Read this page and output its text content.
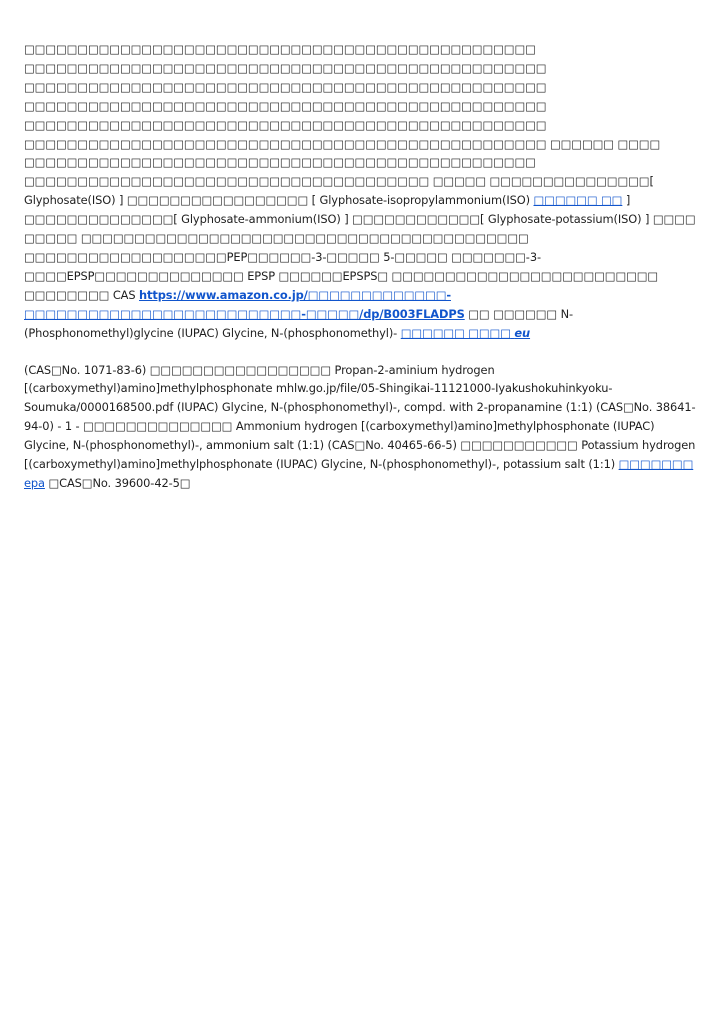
□□□□□□□□□□□□□□□□□□□□□□□□□□□□□□□□□□□□□□□□□□□□□□□□ □□□□□□□□□□□□□□□□□□□□□□□□□□□□□□□□□□□□□□□□□□□□□□□□□ □□□□□□□□□□□□□□□□□□□□□□□□□□□□□□□□□□□□□□□□□□□□□□□□□ □□□□□□□□□□□□□□□□□□□□□□□□□□□□□□□□□□□□□□□□□□□□□□□□□ □□□□□□□□□□□□□□□□□□□□□□□□□□□□□□□□□□□□□□□□□□□□□□□□□ □□□□□□□□□□□□□□□□□□□□□□□□□□□□□□□□□□□□□□□□□□□□□□□□□ □□□□□□ □□□□ □□□□□□□□□□□□□□□□□□□□□□□□□□□□□□□□□□□□□□□□□□□□□□□□ □□□□□□□□□□□□□□□□□□□□□□□□□□□□□□□□□□□□□□ □□□□□ □□□□□□□□□□□□□□□[ Glyphosate(ISO) ] □□□□□□□□□□□□□□□□□ [ Glyphosate-isopropylammonium(ISO) □□□□□□ □□ ] □□□□□□□□□□□□□□[ Glyphosate-ammonium(ISO) ] □□□□□□□□□□□□[ Glyphosate-potassium(ISO) ] □□□□ □□□□□ □□□□□□□□□□□□□□□□□□□□□□□□□□□□□□□□□□□□□□□□□□ □□□□□□□□□□□□□□□□□□□PEP□□□□□□-3-□□□□□ 5-□□□□□ □□□□□□□-3-□□□□EPSP□□□□□□□□□□□□□□ EPSP □□□□□□EPSPS□ □□□□□□□□□□□□□□□□□□□□□□□□□ □□□□□□□□ CAS https://www.amazon.co.jp/□□□□□□□□□□□□□-□□□□□□□□□□□□□□□□□□□□□□□□□□-□□□□□/dp/B003FLADPS □□ □□□□□□ N-(Phosphonomethyl)glycine (IUPAC) Glycine, N-(phosphonomethyl)- □□□□□□ □□□□ eu

(CAS□No. 1071-83-6) □□□□□□□□□□□□□□□□□ Propan-2-aminium hydrogen [(carboxymethyl)amino]methylphosphonate mhlw.go.jp/file/05-Shingikai-11121000-Iyakushokuhinkyoku-Soumuka/0000168500.pdf (IUPAC) Glycine, N-(phosphonomethyl)-, compd. with 2-propanamine (1:1) (CAS□No. 38641-94-0) - 1 - □□□□□□□□□□□□□□ Ammonium hydrogen [(carboxymethyl)amino]methylphosphonate (IUPAC) Glycine, N-(phosphonomethyl)-, ammonium salt (1:1) (CAS□No. 40465-66-5) □□□□□□□□□□□ Potassium hydrogen [(carboxymethyl)amino]methylphosphonate (IUPAC) Glycine, N-(phosphonomethyl)-, potassium salt (1:1) □□□□□□□ epa □CAS□No. 39600-42-5□
